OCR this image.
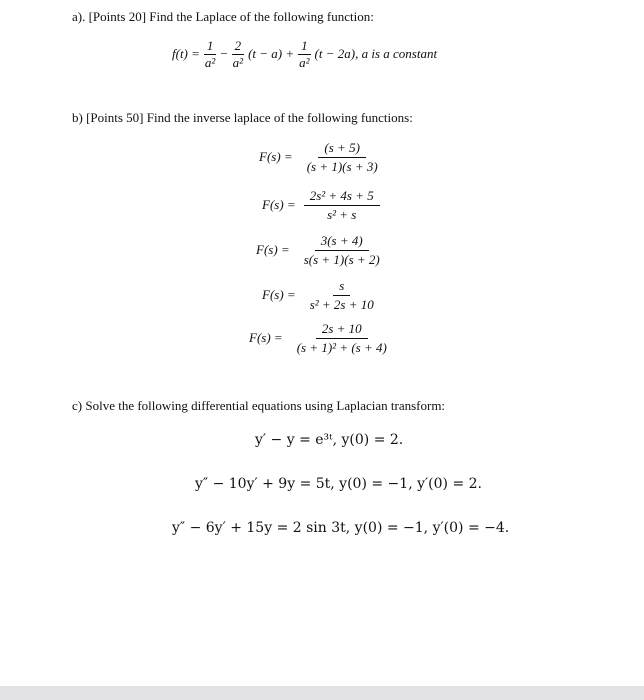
a). [Points 20] Find the Laplace of the following function:
$f(t) = \frac{1}{\text{a²}} - \frac{2}{\text{a²}} (t - a) + \frac{1}{\text{a²}} (t - 2a)$, a is a constant
b) [Points 50] Find the inverse laplace of the following functions:
$F(s) = \frac{(s + 5)}{(s + 1)(s + 3)}$
$F(s) = \frac{\text{2s² + 4s + 5}}{\text{s² + s}}$
$F(s) = \frac{3(s + 4)}{s(s + 1)(s + 2)}$
$F(s) = \frac{s}{\text{s² + 2s + 10}}$
$F(s) = \frac{2s + 10}{\text{(s + 1)² + (s + 4)}}$
c) Solve the following differential equations using Laplacian transform:
y′ − y = e³ᵗ, y(0) = 2.
y″ − 10y′ + 9y = 5t, y(0) = −1, y′(0) = 2.
y″ − 6y′ + 15y = 2 sin 3t, y(0) = −1, y′(0) = −4.
